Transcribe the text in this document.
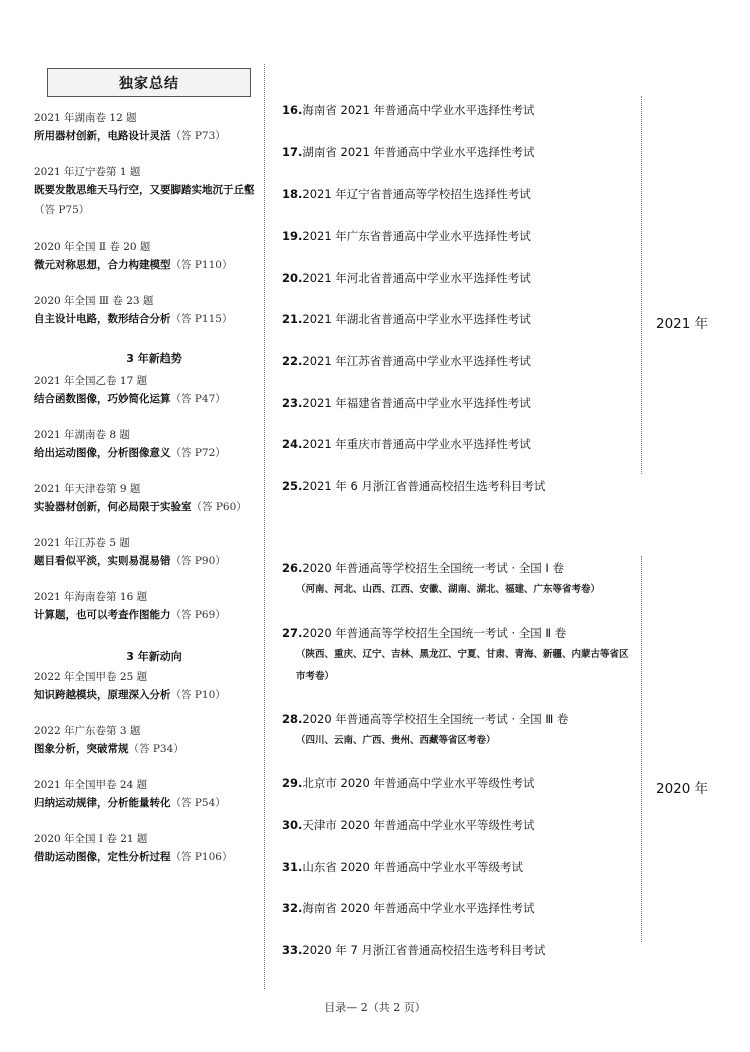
独家总结
2021 年湖南卷 12 题
所用器材创新，电路设计灵活（答 P73）
2021 年辽宁卷第 1 题
既要发散思维天马行空，又要脚踏实地沉于丘壑（答 P75）
2020 年全国 Ⅱ 卷 20 题
微元对称思想，合力构建模型（答 P110）
2020 年全国 Ⅲ 卷 23 题
自主设计电路，数形结合分析（答 P115）
3 年新趋势
2021 年全国乙卷 17 题
结合函数图像，巧妙简化运算（答 P47）
2021 年湖南卷 8 题
给出运动图像，分析图像意义（答 P72）
2021 年天津卷第 9 题
实验器材创新，何必局限于实验室（答 P60）
2021 年江苏卷 5 题
题目看似平淡，实则易混易错（答 P90）
2021 年海南卷第 16 题
计算题，也可以考查作图能力（答 P69）
3 年新动向
2022 年全国甲卷 25 题
知识跨越模块，原理深入分析（答 P10）
2022 年广东卷第 3 题
图象分析，突破常规（答 P34）
2021 年全国甲卷 24 题
归纳运动规律，分析能量转化（答 P54）
2020 年全国 Ⅰ 卷 21 题
借助运动图像，定性分析过程（答 P106）
16.海南省 2021 年普通高中学业水平选择性考试
17.湖南省 2021 年普通高中学业水平选择性考试
18.2021 年辽宁省普通高等学校招生选择性考试
19.2021 年广东省普通高中学业水平选择性考试
20.2021 年河北省普通高中学业水平选择性考试
21.2021 年湖北省普通高中学业水平选择性考试
22.2021 年江苏省普通高中学业水平选择性考试
23.2021 年福建省普通高中学业水平选择性考试
24.2021 年重庆市普通高中学业水平选择性考试
25.2021 年 6 月浙江省普通高校招生选考科目考试
2021 年
26.2020 年普通高等学校招生全国统一考试 · 全国 Ⅰ 卷
（河南、河北、山西、江西、安徽、湖南、湖北、福建、广东等省考卷）
27.2020 年普通高等学校招生全国统一考试 · 全国 Ⅱ 卷
（陕西、重庆、辽宁、吉林、黑龙江、宁夏、甘肃、青海、新疆、内蒙古等省区市考卷）
28.2020 年普通高等学校招生全国统一考试 · 全国 Ⅲ 卷
（四川、云南、广西、贵州、西藏等省区考卷）
29.北京市 2020 年普通高中学业水平等级性考试
30.天津市 2020 年普通高中学业水平等级性考试
31.山东省 2020 年普通高中学业水平等级考试
32.海南省 2020 年普通高中学业水平选择性考试
33.2020 年 7 月浙江省普通高校招生选考科目考试
2020 年
目录— 2（共 2 页）
